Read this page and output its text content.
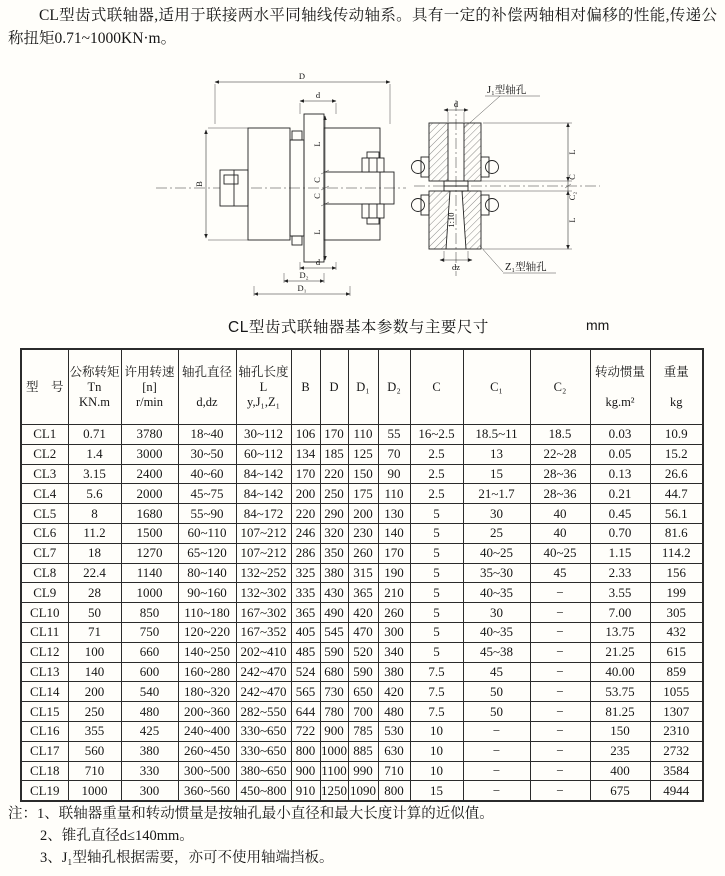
CL型齿式联轴器,适用于联接两水平同轴线传动轴系。具有一定的补偿两轴相对偏移的性能,传递公称扭矩0.71~1000KN·m。

D
d
B
L
C
C
L
d
D₂
D₁
1:10
d
L
C
C₂
L
dz
J₁型轴孔
Z₁型轴孔
CL型齿式联轴器基本参数与主要尺寸	mm
型　号

公称转矩
Tn
KN.m

许用转速
[n]
r/min

轴孔直径
d,dz

轴孔长度
L
y,J₁,Z₁

B	D	D₁	D₂	C	C₁	C₂

转动惯量
kg.m²

重量
kg

CL1	0.71	3780	18~40	30~112	106	170	110	55	16~2.5	18.5~11	18.5	0.03	10.9
CL2	1.4	3000	30~50	60~112	134	185	125	70	2.5	13	22~28	0.05	15.2
CL3	3.15	2400	40~60	84~142	170	220	150	90	2.5	15	28~36	0.13	26.6
CL4	5.6	2000	45~75	84~142	200	250	175	110	2.5	21~1.7	28~36	0.21	44.7
CL5	8	1680	55~90	84~172	220	290	200	130	5	30	40	0.45	56.1
CL6	11.2	1500	60~110	107~212	246	320	230	140	5	25	40	0.70	81.6
CL7	18	1270	65~120	107~212	286	350	260	170	5	40~25	40~25	1.15	114.2
CL8	22.4	1140	80~140	132~252	325	380	315	190	5	35~30	45	2.33	156
CL9	28	1000	90~160	132~302	335	430	365	210	5	40~35	−	3.55	199
CL10	50	850	110~180	167~302	365	490	420	260	5	30	−	7.00	305
CL11	71	750	120~220	167~352	405	545	470	300	5	40~35	−	13.75	432
CL12	100	660	140~250	202~410	485	590	520	340	5	45~38	−	21.25	615
CL13	140	600	160~280	242~470	524	680	590	380	7.5	45	−	40.00	859
CL14	200	540	180~320	242~470	565	730	650	420	7.5	50	−	53.75	1055
CL15	250	480	200~360	282~550	644	780	700	480	7.5	50	−	81.25	1307
CL16	355	425	240~400	330~650	722	900	785	530	10	−	−	150	2310
CL17	560	380	260~450	330~650	800	1000	885	630	10	−	−	235	2732
CL18	710	330	300~500	380~650	900	1100	990	710	10	−	−	400	3584
CL19	1000	300	360~560	450~800	910	1250	1090	800	15	−	−	675	4944
注：1、联轴器重量和转动惯量是按轴孔最小直径和最大长度计算的近似值。
2、锥孔直径d≤140mm。
3、J₁型轴孔根据需要，亦可不使用轴端挡板。
